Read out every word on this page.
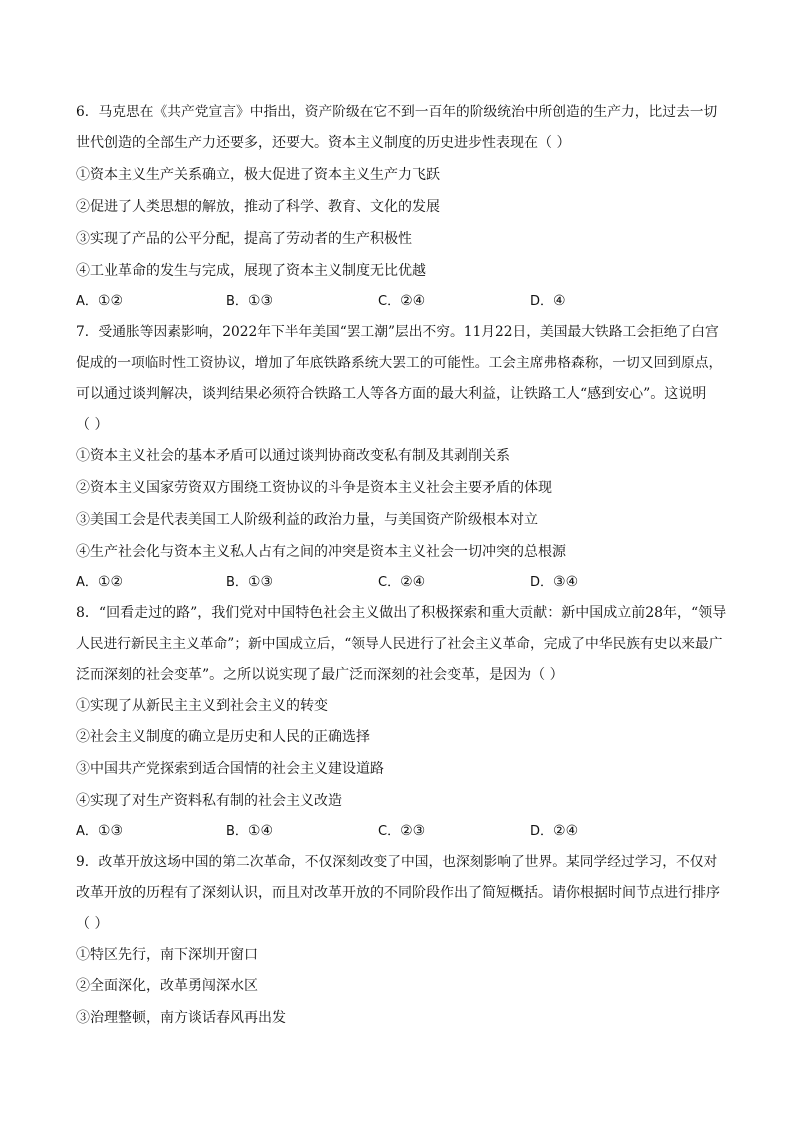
6．马克思在《共产党宣言》中指出，资产阶级在它不到一百年的阶级统治中所创造的生产力，比过去一切
世代创造的全部生产力还要多，还要大。资本主义制度的历史进步性表现在（ ）
①资本主义生产关系确立，极大促进了资本主义生产力飞跃
②促进了人类思想的解放，推动了科学、教育、文化的发展
③实现了产品的公平分配，提高了劳动者的生产积极性
④工业革命的发生与完成，展现了资本主义制度无比优越
A．①②	B．①③	C．②④	D．④
7．受通胀等因素影响，2022年下半年美国“罢工潮”层出不穷。11月22日，美国最大铁路工会拒绝了白宫
促成的一项临时性工资协议，增加了年底铁路系统大罢工的可能性。工会主席弗格森称，一切又回到原点，
可以通过谈判解决，谈判结果必须符合铁路工人等各方面的最大利益，让铁路工人“感到安心”。这说明
（ ）
①资本主义社会的基本矛盾可以通过谈判协商改变私有制及其剥削关系
②资本主义国家劳资双方围绕工资协议的斗争是资本主义社会主要矛盾的体现
③美国工会是代表美国工人阶级利益的政治力量，与美国资产阶级根本对立
④生产社会化与资本主义私人占有之间的冲突是资本主义社会一切冲突的总根源
A．①②	B．①③	C．②④	D．③④
8．“回看走过的路”，我们党对中国特色社会主义做出了积极探索和重大贡献：新中国成立前28年，“领导
人民进行新民主主义革命”；新中国成立后，“领导人民进行了社会主义革命，完成了中华民族有史以来最广
泛而深刻的社会变革”。之所以说实现了最广泛而深刻的社会变革，是因为（ ）
①实现了从新民主主义到社会主义的转变
②社会主义制度的确立是历史和人民的正确选择
③中国共产党探索到适合国情的社会主义建设道路
④实现了对生产资料私有制的社会主义改造
A．①③	B．①④	C．②③	D．②④
9．改革开放这场中国的第二次革命，不仅深刻改变了中国，也深刻影响了世界。某同学经过学习，不仅对
改革开放的历程有了深刻认识，而且对改革开放的不同阶段作出了简短概括。请你根据时间节点进行排序
（ ）
①特区先行，南下深圳开窗口
②全面深化，改革勇闯深水区
③治理整顿，南方谈话春风再出发
